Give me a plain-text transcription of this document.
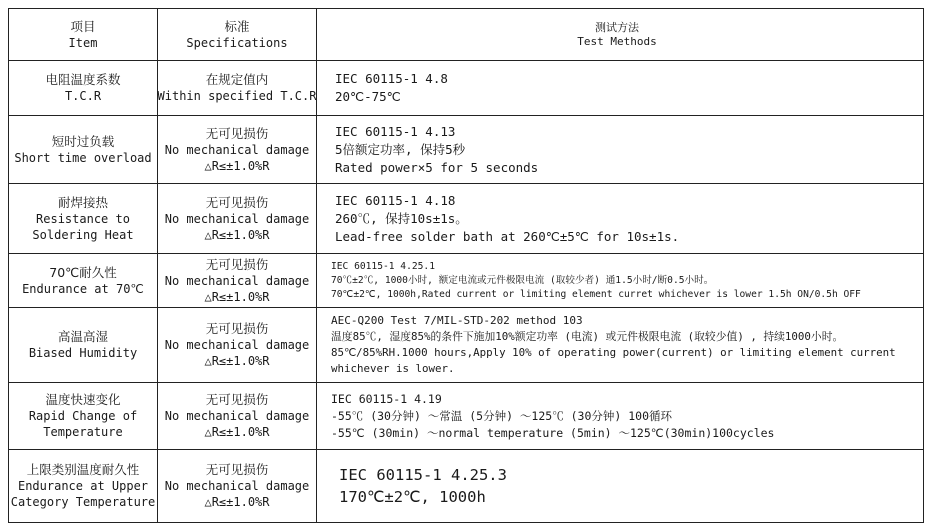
项目
Item
标准
Specifications
测试方法
Test Methods
电阻温度系数
T.C.R
在规定值内
Within specified T.C.R
IEC 60115-1 4.8
20℃-75℃
短时过负载
Short time overload
无可见损伤
No mechanical damage
△R≤±1.0%R
IEC 60115-1 4.13
5倍额定功率, 保持5秒
Rated power×5 for 5 seconds
耐焊接热
Resistance to
Soldering Heat
无可见损伤
No mechanical damage
△R≤±1.0%R
IEC 60115-1 4.18
260℃, 保持10s±1s。
Lead-free solder bath at 260℃±5℃ for 10s±1s.
70℃耐久性
Endurance at 70℃
无可见损伤
No mechanical damage
△R≤±1.0%R
IEC 60115-1 4.25.1
70℃±2℃, 1000小时, 额定电流或元件极限电流 (取较少者) 通1.5小时/断0.5小时。
70℃±2℃, 1000h,Rated current or limiting element curret whichever is lower 1.5h ON/0.5h OFF
高温高湿
Biased Humidity
无可见损伤
No mechanical damage
△R≤±1.0%R
AEC-Q200 Test 7/MIL-STD-202 method 103
温度85℃, 湿度85%的条件下施加10%额定功率 (电流) 或元件极限电流 (取较少值) , 持续1000小时。
85℃/85%RH.1000 hours,Apply 10% of operating power(current) or limiting element current
whichever is lower.
温度快速变化
Rapid Change of
Temperature
无可见损伤
No mechanical damage
△R≤±1.0%R
IEC 60115-1 4.19
-55℃ (30分钟) ～常温 (5分钟) ～125℃ (30分钟) 100循环
-55℃ (30min) ～normal temperature (5min) ～125℃(30min)100cycles
上限类别温度耐久性
Endurance at Upper
Category Temperature
无可见损伤
No mechanical damage
△R≤±1.0%R
IEC 60115-1 4.25.3
170℃±2℃, 1000h
